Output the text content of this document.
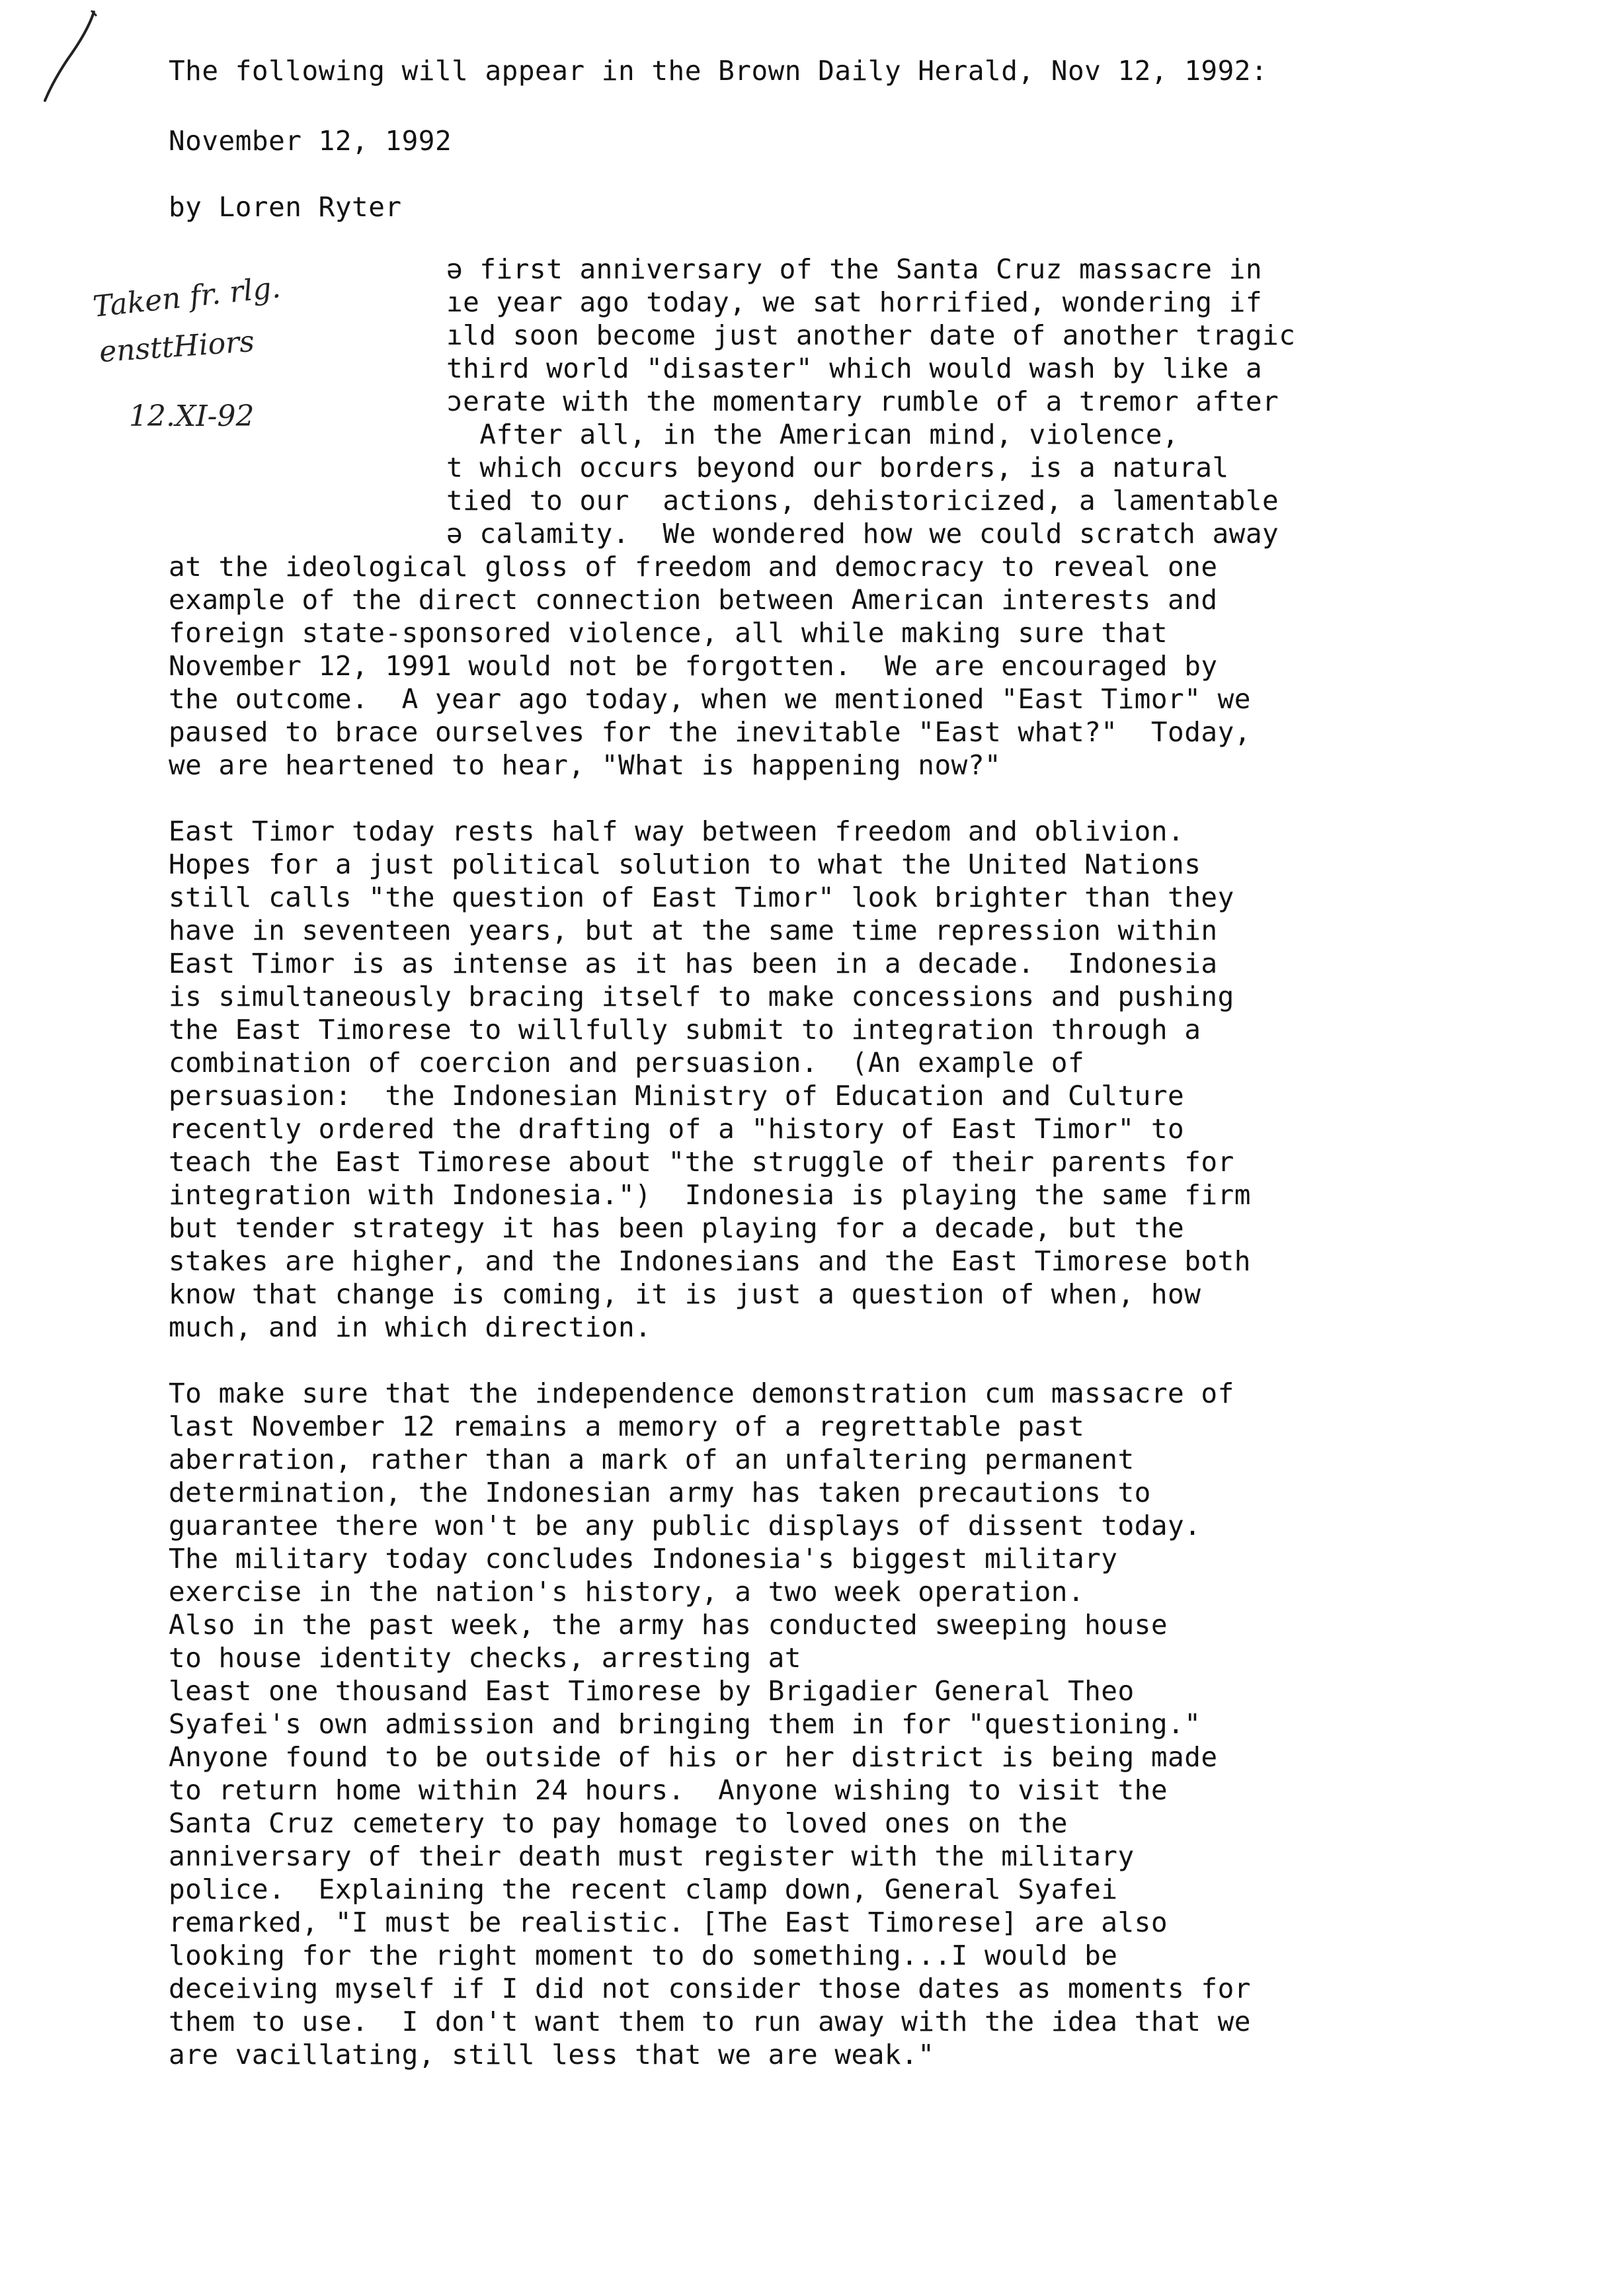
The following will appear in the Brown Daily Herald, Nov 12, 1992:
November 12, 1992
by Loren Ryter
Taken fr. rlg.
ensttHiors
12.XI-92
ə first anniversary of the Santa Cruz massacre in
ıe year ago today, we sat horrified, wondering if
ıld soon become just another date of another tragic
third world "disaster" which would wash by like a
ɔerate with the momentary rumble of a tremor after
After all, in the American mind, violence,
t which occurs beyond our borders, is a natural
tied to our  actions, dehistoricized, a lamentable
ə calamity.  We wondered how we could scratch away
at the ideological gloss of freedom and democracy to reveal one
example of the direct connection between American interests and
foreign state-sponsored violence, all while making sure that
November 12, 1991 would not be forgotten.  We are encouraged by
the outcome.  A year ago today, when we mentioned "East Timor" we
paused to brace ourselves for the inevitable "East what?"  Today,
we are heartened to hear, "What is happening now?"
East Timor today rests half way between freedom and oblivion.
Hopes for a just political solution to what the United Nations
still calls "the question of East Timor" look brighter than they
have in seventeen years, but at the same time repression within
East Timor is as intense as it has been in a decade.  Indonesia
is simultaneously bracing itself to make concessions and pushing
the East Timorese to willfully submit to integration through a
combination of coercion and persuasion.  (An example of
persuasion:  the Indonesian Ministry of Education and Culture
recently ordered the drafting of a "history of East Timor" to
teach the East Timorese about "the struggle of their parents for
integration with Indonesia.")  Indonesia is playing the same firm
but tender strategy it has been playing for a decade, but the
stakes are higher, and the Indonesians and the East Timorese both
know that change is coming, it is just a question of when, how
much, and in which direction.
To make sure that the independence demonstration cum massacre of
last November 12 remains a memory of a regrettable past
aberration, rather than a mark of an unfaltering permanent
determination, the Indonesian army has taken precautions to
guarantee there won't be any public displays of dissent today.
The military today concludes Indonesia's biggest military
exercise in the nation's history, a two week operation.
Also in the past week, the army has conducted sweeping house
to house identity checks, arresting at
least one thousand East Timorese by Brigadier General Theo
Syafei's own admission and bringing them in for "questioning."
Anyone found to be outside of his or her district is being made
to return home within 24 hours.  Anyone wishing to visit the
Santa Cruz cemetery to pay homage to loved ones on the
anniversary of their death must register with the military
police.  Explaining the recent clamp down, General Syafei
remarked, "I must be realistic. [The East Timorese] are also
looking for the right moment to do something...I would be
deceiving myself if I did not consider those dates as moments for
them to use.  I don't want them to run away with the idea that we
are vacillating, still less that we are weak."
